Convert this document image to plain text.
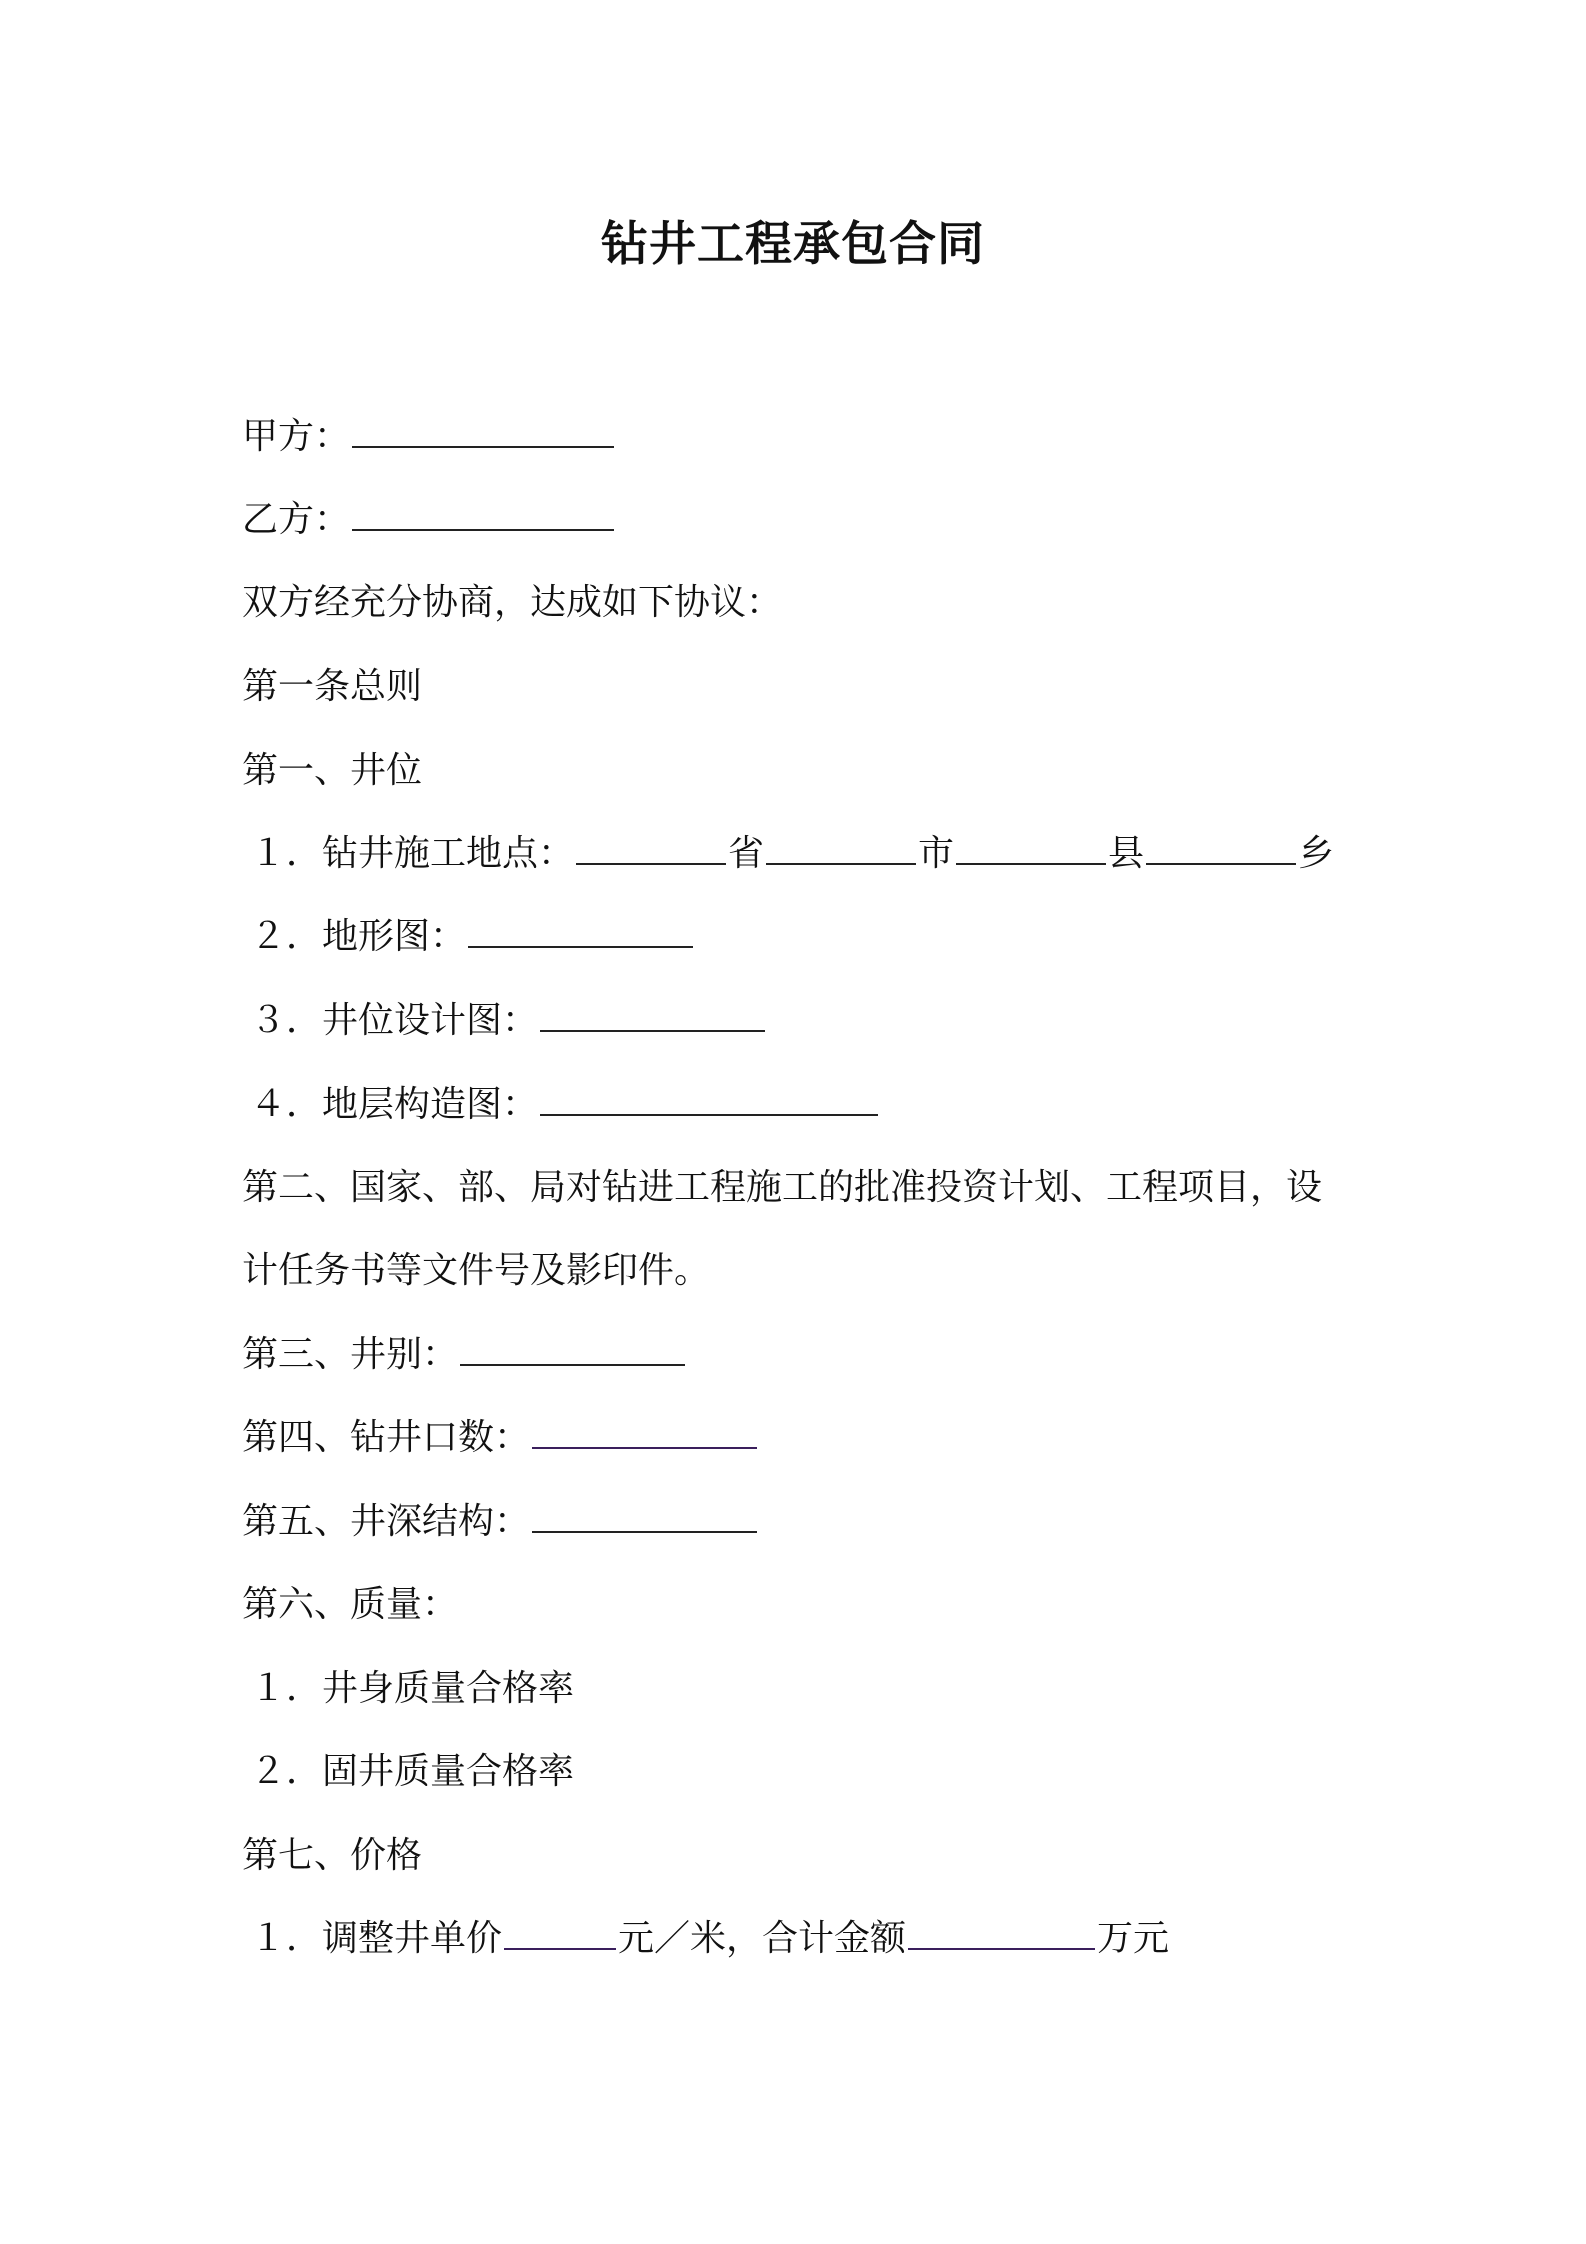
钻井工程承包合同
甲方：
乙方：
双方经充分协商，达成如下协议：
第一条总则
第一、井位
１．钻井施工地点：	省	市	县	乡
２．地形图：
３．井位设计图：
４．地层构造图：
第二、国家、部、局对钻进工程施工的批准投资计划、工程项目，设
计任务书等文件号及影印件。
第三、井别：
第四、钻井口数：
第五、井深结构：
第六、质量：
１．井身质量合格率
２．固井质量合格率
第七、价格
１．调整井单价	元／米，合计金额	万元
